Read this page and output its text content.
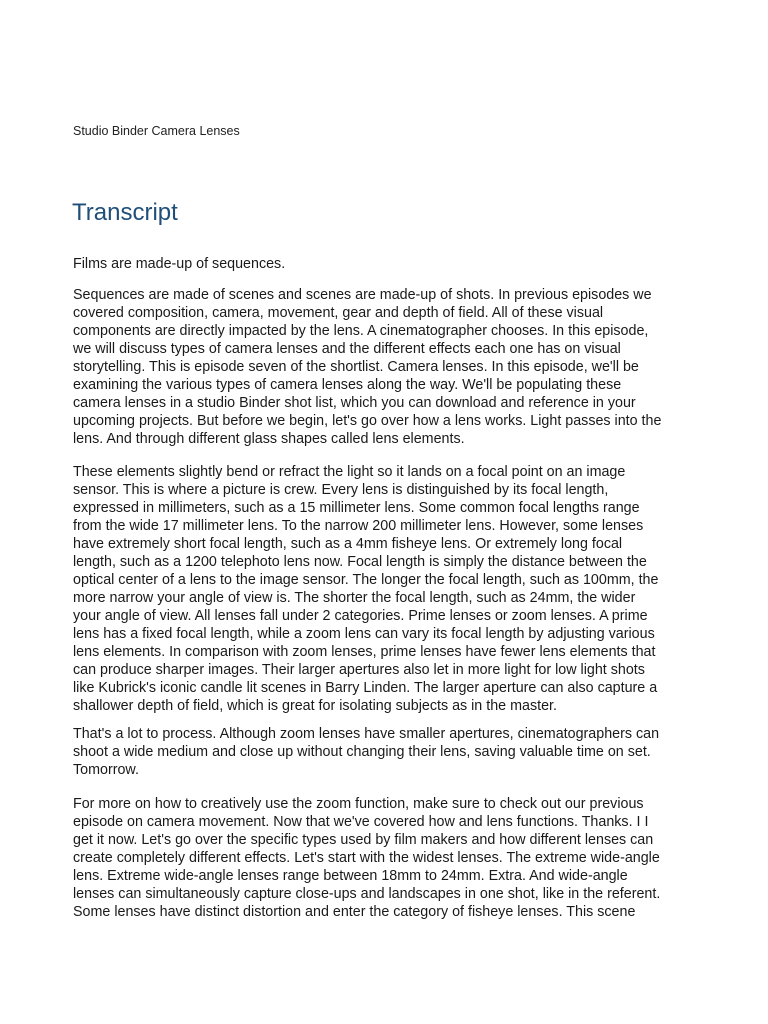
Studio Binder Camera Lenses
Transcript

Films are made-up of sequences.

Sequences are made of scenes and scenes are made-up of shots. In previous episodes we
covered composition, camera, movement, gear and depth of field. All of these visual
components are directly impacted by the lens. A cinematographer chooses. In this episode,
we will discuss types of camera lenses and the different effects each one has on visual
storytelling. This is episode seven of the shortlist. Camera lenses. In this episode, we'll be
examining the various types of camera lenses along the way. We'll be populating these
camera lenses in a studio Binder shot list, which you can download and reference in your
upcoming projects. But before we begin, let's go over how a lens works. Light passes into the
lens. And through different glass shapes called lens elements.

These elements slightly bend or refract the light so it lands on a focal point on an image
sensor. This is where a picture is crew. Every lens is distinguished by its focal length,
expressed in millimeters, such as a 15 millimeter lens. Some common focal lengths range
from the wide 17 millimeter lens. To the narrow 200 millimeter lens. However, some lenses
have extremely short focal length, such as a 4mm fisheye lens. Or extremely long focal
length, such as a 1200 telephoto lens now. Focal length is simply the distance between the
optical center of a lens to the image sensor. The longer the focal length, such as 100mm, the
more narrow your angle of view is. The shorter the focal length, such as 24mm, the wider
your angle of view. All lenses fall under 2 categories. Prime lenses or zoom lenses. A prime
lens has a fixed focal length, while a zoom lens can vary its focal length by adjusting various
lens elements. In comparison with zoom lenses, prime lenses have fewer lens elements that
can produce sharper images. Their larger apertures also let in more light for low light shots
like Kubrick's iconic candle lit scenes in Barry Linden. The larger aperture can also capture a
shallower depth of field, which is great for isolating subjects as in the master.

That's a lot to process. Although zoom lenses have smaller apertures, cinematographers can
shoot a wide medium and close up without changing their lens, saving valuable time on set.
Tomorrow.

For more on how to creatively use the zoom function, make sure to check out our previous
episode on camera movement. Now that we've covered how and lens functions. Thanks. I I
get it now. Let's go over the specific types used by film makers and how different lenses can
create completely different effects. Let's start with the widest lenses. The extreme wide-angle
lens. Extreme wide-angle lenses range between 18mm to 24mm. Extra. And wide-angle
lenses can simultaneously capture close-ups and landscapes in one shot, like in the referent.
Some lenses have distinct distortion and enter the category of fisheye lenses. This scene
